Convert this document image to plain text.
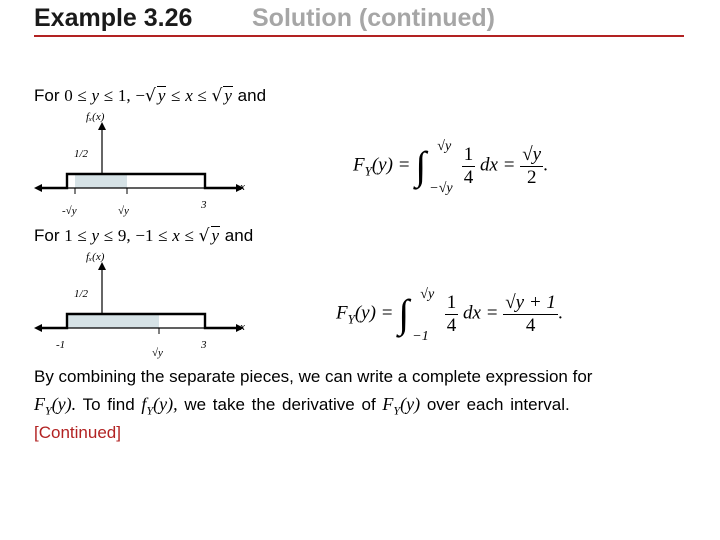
Example 3.26 Solution (continued)
For 0 ≤ y ≤ 1, −√ y ≤ x ≤ √ y and
fₓ(x)
1/2
x
-√y	√y	3
$F_Y(y)$ = ∫ √y
−√y

$\frac{1}{4}$ dx = $\frac{√y}{2}$ .
For 1 ≤ y ≤ 9, −1 ≤ x ≤ √ y and
fₓ(x)
1/2
x
-1
√y
3
$F_Y(y)$ = ∫ √y
−1

$\frac{1}{4}$ dx = $\frac{√y + 1}{4}$ .
By combining the separate pieces, we can write a complete expression for
$F_Y(y)$. To find $f_Y(y)$, we take the derivative of $F_Y(y)$ over each interval.
[Continued]
